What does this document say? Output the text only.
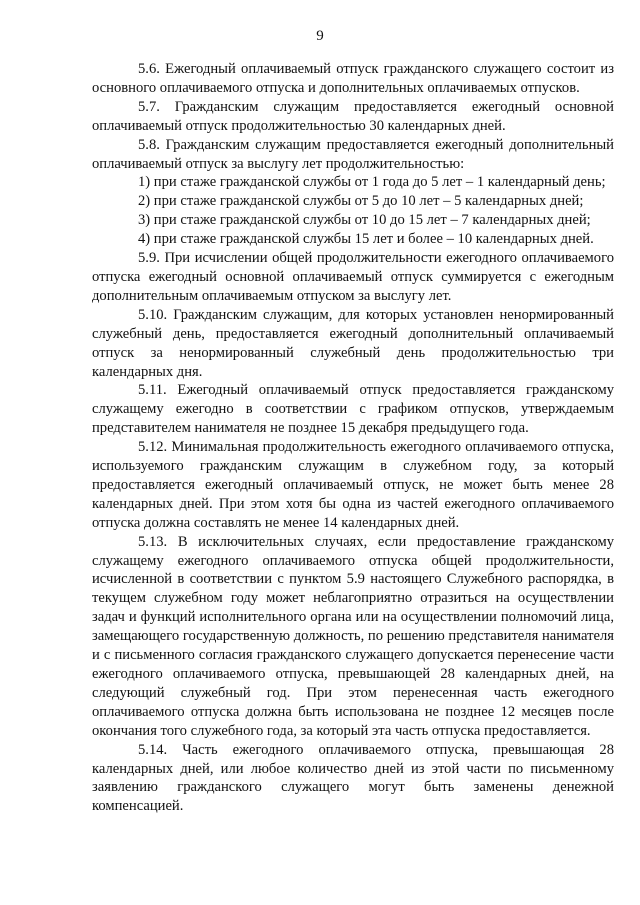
9

5.6. Ежегодный оплачиваемый отпуск гражданского служащего состоит из основного оплачиваемого отпуска и дополнительных оплачиваемых отпусков.

5.7. Гражданским служащим предоставляется ежегодный основной оплачиваемый отпуск продолжительностью 30 календарных дней.

5.8. Гражданским служащим предоставляется ежегодный дополнительный оплачиваемый отпуск за выслугу лет продолжительностью:

1) при стаже гражданской службы от 1 года до 5 лет – 1 календарный день;

2) при стаже гражданской службы от 5 до 10 лет – 5 календарных дней;

3) при стаже гражданской службы от 10 до 15 лет – 7 календарных дней;

4) при стаже гражданской службы 15 лет и более – 10 календарных дней.

5.9. При исчислении общей продолжительности ежегодного оплачиваемого отпуска ежегодный основной оплачиваемый отпуск суммируется с ежегодным дополнительным оплачиваемым отпуском за выслугу лет.

5.10. Гражданским служащим, для которых установлен ненормированный служебный день, предоставляется ежегодный дополнительный оплачиваемый отпуск за ненормированный служебный день продолжительностью три календарных дня.

5.11. Ежегодный оплачиваемый отпуск предоставляется гражданскому служащему ежегодно в соответствии с графиком отпусков, утверждаемым представителем нанимателя не позднее 15 декабря предыдущего года.

5.12. Минимальная продолжительность ежегодного оплачиваемого отпуска, используемого гражданским служащим в служебном году, за который предоставляется ежегодный оплачиваемый отпуск, не может быть менее 28 календарных дней. При этом хотя бы одна из частей ежегодного оплачиваемого отпуска должна составлять не менее 14 календарных дней.

5.13. В исключительных случаях, если предоставление гражданскому служащему ежегодного оплачиваемого отпуска общей продолжительности, исчисленной в соответствии с пунктом 5.9 настоящего Служебного распорядка, в текущем служебном году может неблагоприятно отразиться на осуществлении задач и функций исполнительного органа или на осуществлении полномочий лица, замещающего государственную должность, по решению представителя нанимателя и с письменного согласия гражданского служащего допускается перенесение части ежегодного оплачиваемого отпуска, превышающей 28 календарных дней, на следующий служебный год. При этом перенесенная часть ежегодного оплачиваемого отпуска должна быть использована не позднее 12 месяцев после окончания того служебного года, за который эта часть отпуска предоставляется.

5.14. Часть ежегодного оплачиваемого отпуска, превышающая 28 календарных дней, или любое количество дней из этой части по письменному заявлению гражданского служащего могут быть заменены денежной компенсацией.
